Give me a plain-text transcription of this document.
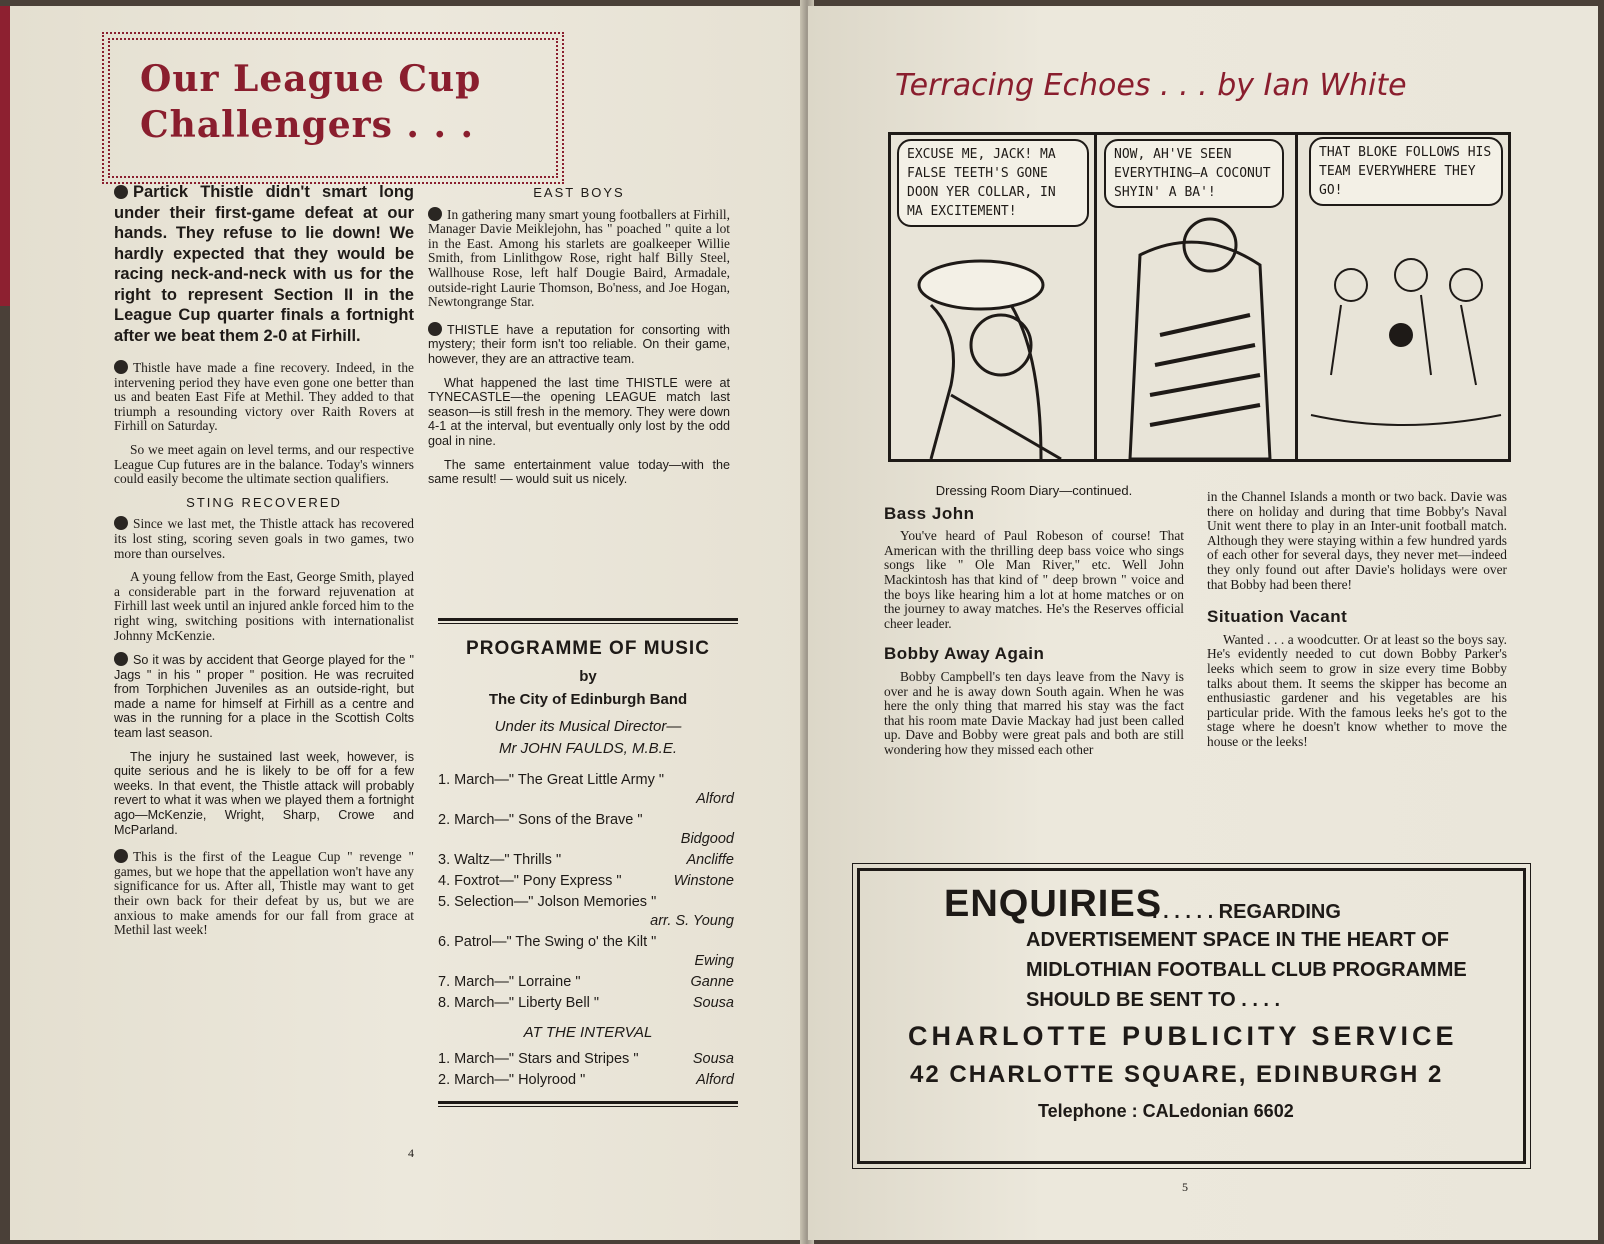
Our League Cup
Challengers . . .

Partick Thistle didn't smart long under their first-game defeat at our hands. They refuse to lie down! We hardly expected that they would be racing neck-and-neck with us for the right to represent Section II in the League Cup quarter finals a fortnight after we beat them 2-0 at Firhill.

Thistle have made a fine recovery. Indeed, in the intervening period they have even gone one better than us and beaten East Fife at Methil. They added to that triumph a resounding victory over Raith Rovers at Firhill on Saturday.

So we meet again on level terms, and our respective League Cup futures are in the balance. Today's winners could easily become the ultimate section qualifiers.

STING RECOVERED

Since we last met, the Thistle attack has recovered its lost sting, scoring seven goals in two games, two more than ourselves.

A young fellow from the East, George Smith, played a considerable part in the forward rejuvenation at Firhill last week until an injured ankle forced him to the right wing, switching positions with internationalist Johnny McKenzie.

So it was by accident that George played for the " Jags " in his " proper " position. He was recruited from Torphichen Juveniles as an outside-right, but made a name for himself at Firhill as a centre and was in the running for a place in the Scottish Colts team last season.

The injury he sustained last week, however, is quite serious and he is likely to be off for a few weeks. In that event, the Thistle attack will probably revert to what it was when we played them a fortnight ago—McKenzie, Wright, Sharp, Crowe and McParland.

This is the first of the League Cup " revenge " games, but we hope that the appellation won't have any significance for us. After all, Thistle may want to get their own back for their defeat by us, but we are anxious to make amends for our fall from grace at Methil last week!

EAST BOYS

In gathering many smart young footballers at Firhill, Manager Davie Meiklejohn, has " poached " quite a lot in the East. Among his starlets are goalkeeper Willie Smith, from Linlithgow Rose, right half Billy Steel, Wallhouse Rose, left half Dougie Baird, Armadale, outside-right Laurie Thomson, Bo'ness, and Joe Hogan, Newtongrange Star.

THISTLE have a reputation for consorting with mystery; their form isn't too reliable. On their game, however, they are an attractive team.

What happened the last time THISTLE were at TYNECASTLE—the opening LEAGUE match last season—is still fresh in the memory. They were down 4-1 at the interval, but eventually only lost by the odd goal in nine.

The same entertainment value today—with the same result! — would suit us nicely.

PROGRAMME OF MUSIC
by
The City of Edinburgh Band
Under its Musical Director—
Mr JOHN FAULDS, M.B.E.
1. March—" The Great Little Army "
Alford
2. March—" Sons of the Brave "
Bidgood
3. Waltz—" Thrills "	Ancliffe
4. Foxtrot—" Pony Express "	Winstone
5. Selection—" Jolson Memories "
arr. S. Young
6. Patrol—" The Swing o' the Kilt "
Ewing
7. March—" Lorraine "	Ganne
8. March—" Liberty Bell "	Sousa
AT THE INTERVAL
1. March—" Stars and Stripes "	Sousa
2. March—" Holyrood "	Alford
4
Terracing Echoes . . . by Ian White
EXCUSE ME, JACK! MA FALSE TEETH'S GONE DOON YER COLLAR, IN MA EXCITEMENT!
NOW, AH'VE SEEN EVERYTHING—A COCONUT SHYIN' A BA'!
THAT BLOKE FOLLOWS HIS TEAM EVERYWHERE THEY GO!
Dressing Room Diary—continued.
Bass John

You've heard of Paul Robeson of course! That American with the thrilling deep bass voice who sings songs like " Ole Man River," etc. Well John Mackintosh has that kind of " deep brown " voice and the boys like hearing him a lot at home matches or on the journey to away matches. He's the Reserves official cheer leader.

Bobby Away Again

Bobby Campbell's ten days leave from the Navy is over and he is away down South again. When he was here the only thing that marred his stay was the fact that his room mate Davie Mackay had just been called up. Dave and Bobby were great pals and both are still wondering how they missed each other

in the Channel Islands a month or two back. Davie was there on holiday and during that time Bobby's Naval Unit went there to play in an Inter-unit football match. Although they were staying within a few hundred yards of each other for several days, they never met—indeed they only found out after Davie's holidays were over that Bobby had been there!

Situation Vacant

Wanted . . . a woodcutter. Or at least so the boys say. He's evidently needed to cut down Bobby Parker's leeks which seem to grow in size every time Bobby talks about them. It seems the skipper has become an enthusiastic gardener and his vegetables are his particular pride. With the famous leeks he's got to the stage where he doesn't know whether to move the house or the leeks!

ENQUIRIES
. . . . . . REGARDING
ADVERTISEMENT SPACE IN THE HEART OF
MIDLOTHIAN FOOTBALL CLUB PROGRAMME
SHOULD BE SENT TO . . . .
CHARLOTTE PUBLICITY SERVICE
42 CHARLOTTE SQUARE, EDINBURGH 2
Telephone : CALedonian 6602
5
